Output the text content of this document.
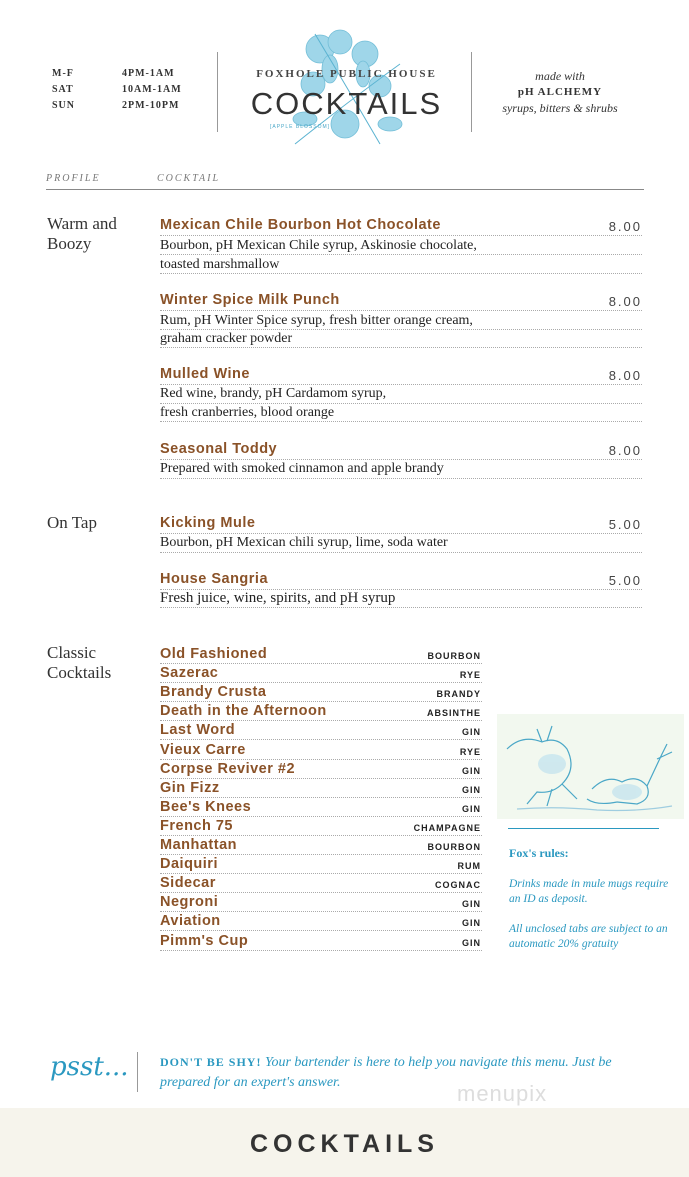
M-F	4PM-1AM
SAT	10AM-1AM
SUN	2PM-10PM
FOXHOLE PUBLIC HOUSE
COCKTAILS
[APPLE BLOSSOM]
made with
pH ALCHEMY
syrups, bitters & shrubs
PROFILE	COCKTAIL
Warm and Boozy
Mexican Chile Bourbon Hot Chocolate	8.00
Bourbon, pH Mexican Chile syrup, Askinosie chocolate,
toasted marshmallow
Winter Spice Milk Punch	8.00
Rum, pH Winter Spice syrup, fresh bitter orange cream,
graham cracker powder
Mulled Wine	8.00
Red wine, brandy, pH Cardamom syrup,
fresh cranberries, blood orange
Seasonal Toddy	8.00
Prepared with smoked cinnamon and apple brandy
On Tap	Kicking Mule	5.00
Bourbon, pH Mexican chili syrup, lime, soda water
House Sangria	5.00
Fresh juice, wine, spirits, and pH syrup
Classic Cocktails
Old Fashioned	BOURBON
Sazerac	RYE
Brandy Crusta	BRANDY
Death in the Afternoon	ABSINTHE
Last Word	GIN
Vieux Carre	RYE
Corpse Reviver #2	GIN
Gin Fizz	GIN
Bee's Knees	GIN
French 75	CHAMPAGNE
Manhattan	BOURBON
Daiquiri	RUM
Sidecar	COGNAC
Negroni	GIN
Aviation	GIN
Pimm's Cup	GIN
Fox's rules:
Drinks made in mule mugs require an ID as deposit.
All unclosed tabs are subject to an automatic 20% gratuity
psst...	DON'T BE SHY! Your bartender is here to help you navigate this menu. Just be prepared for an expert's answer.	menupix
COCKTAILS
